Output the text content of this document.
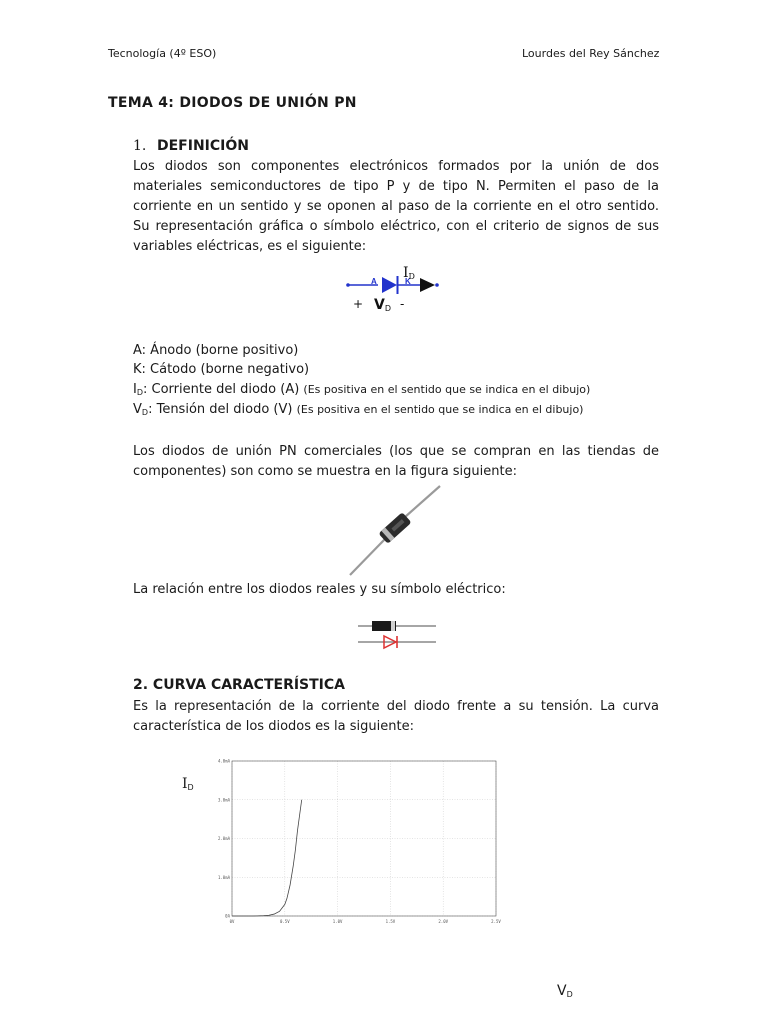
Tecnología (4º ESO)	Lourdes del Rey Sánchez
TEMA 4: DIODOS DE UNIÓN PN
1. DEFINICIÓN
Los diodos son componentes electrónicos formados por la unión de dos materiales semiconductores de tipo P y de tipo N. Permiten el paso de la corriente en un sentido y se oponen al paso de la corriente en el otro sentido. Su representación gráfica o símbolo eléctrico, con el criterio de signos de sus variables eléctricas, es el siguiente:
A	K
ID
+ VD -
A: Ánodo (borne positivo)
K: Cátodo (borne negativo)
$I_D$: Corriente del diodo (A) (Es positiva en el sentido que se indica en el dibujo)
$V_D$: Tensión del diodo (V) (Es positiva en el sentido que se indica en el dibujo)
Los diodos de unión PN comerciales (los que se compran en las tiendas de componentes) son como se muestra en la figura siguiente:
La relación entre los diodos reales y su símbolo eléctrico:
2. CURVA CARACTERÍSTICA
Es la representación de la corriente del diodo frente a su tensión. La curva característica de los diodos es la siguiente:
$I_D$
$V_D$
0V	0.5V	1.0V	1.5V	2.0V	2.5V
0A
1.0mA
2.0mA
3.0mA
4.0mA
